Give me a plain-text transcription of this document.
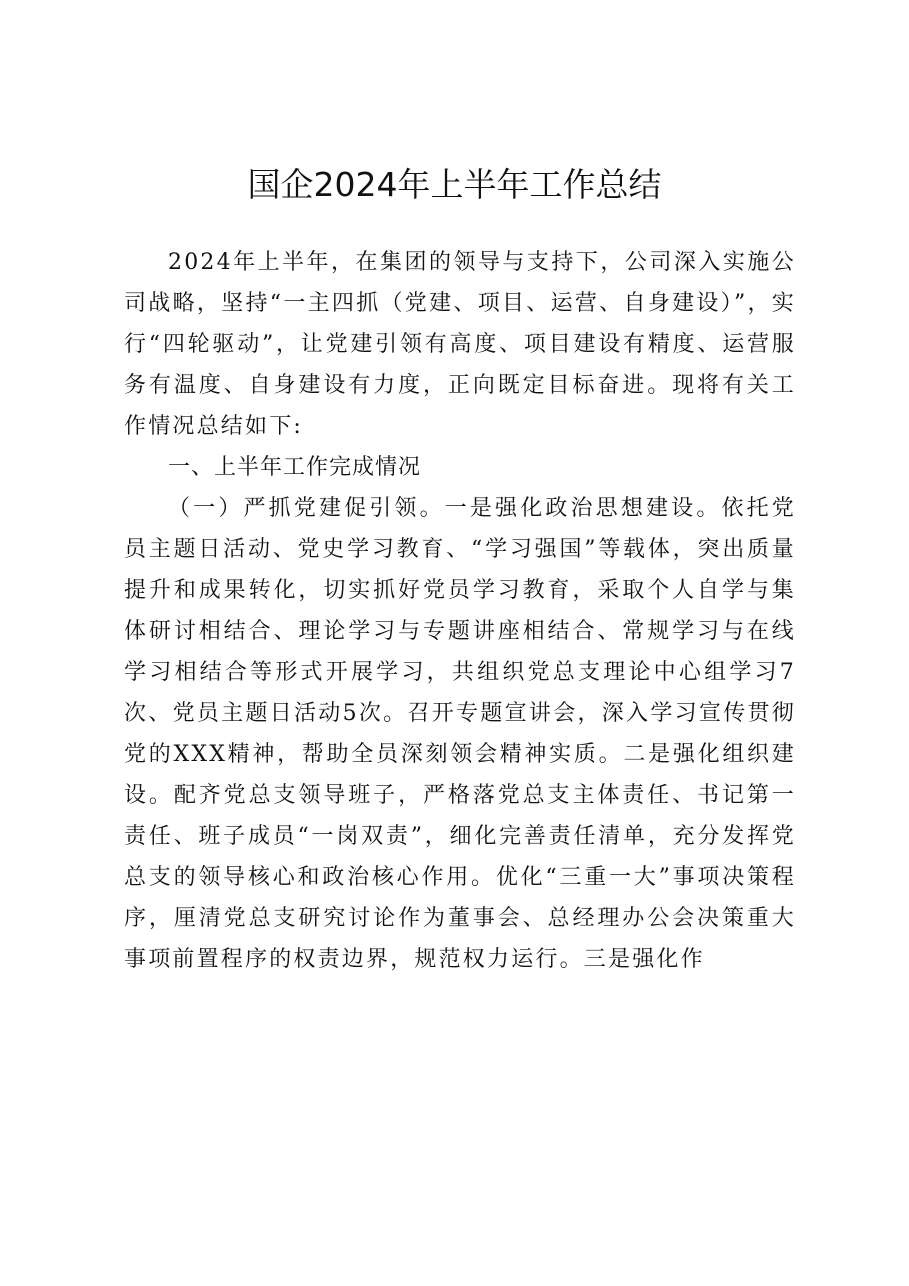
国企2024年上半年工作总结

2024年上半年，在集团的领导与支持下，公司深入实施公司战略，坚持“一主四抓（党建、项目、运营、自身建设）”，实行“四轮驱动”，让党建引领有高度、项目建设有精度、运营服务有温度、自身建设有力度，正向既定目标奋进。现将有关工作情况总结如下:

一、上半年工作完成情况

（一）严抓党建促引领。一是强化政治思想建设。依托党员主题日活动、党史学习教育、“学习强国”等载体，突出质量提升和成果转化，切实抓好党员学习教育，采取个人自学与集体研讨相结合、理论学习与专题讲座相结合、常规学习与在线学习相结合等形式开展学习，共组织党总支理论中心组学习7次、党员主题日活动5次。召开专题宣讲会，深入学习宣传贯彻党的XXX精神，帮助全员深刻领会精神实质。二是强化组织建设。配齐党总支领导班子，严格落党总支主体责任、书记第一责任、班子成员“一岗双责”，细化完善责任清单，充分发挥党总支的领导核心和政治核心作用。优化“三重一大”事项决策程序，厘清党总支研究讨论作为董事会、总经理办公会决策重大事项前置程序的权责边界，规范权力运行。三是强化作
